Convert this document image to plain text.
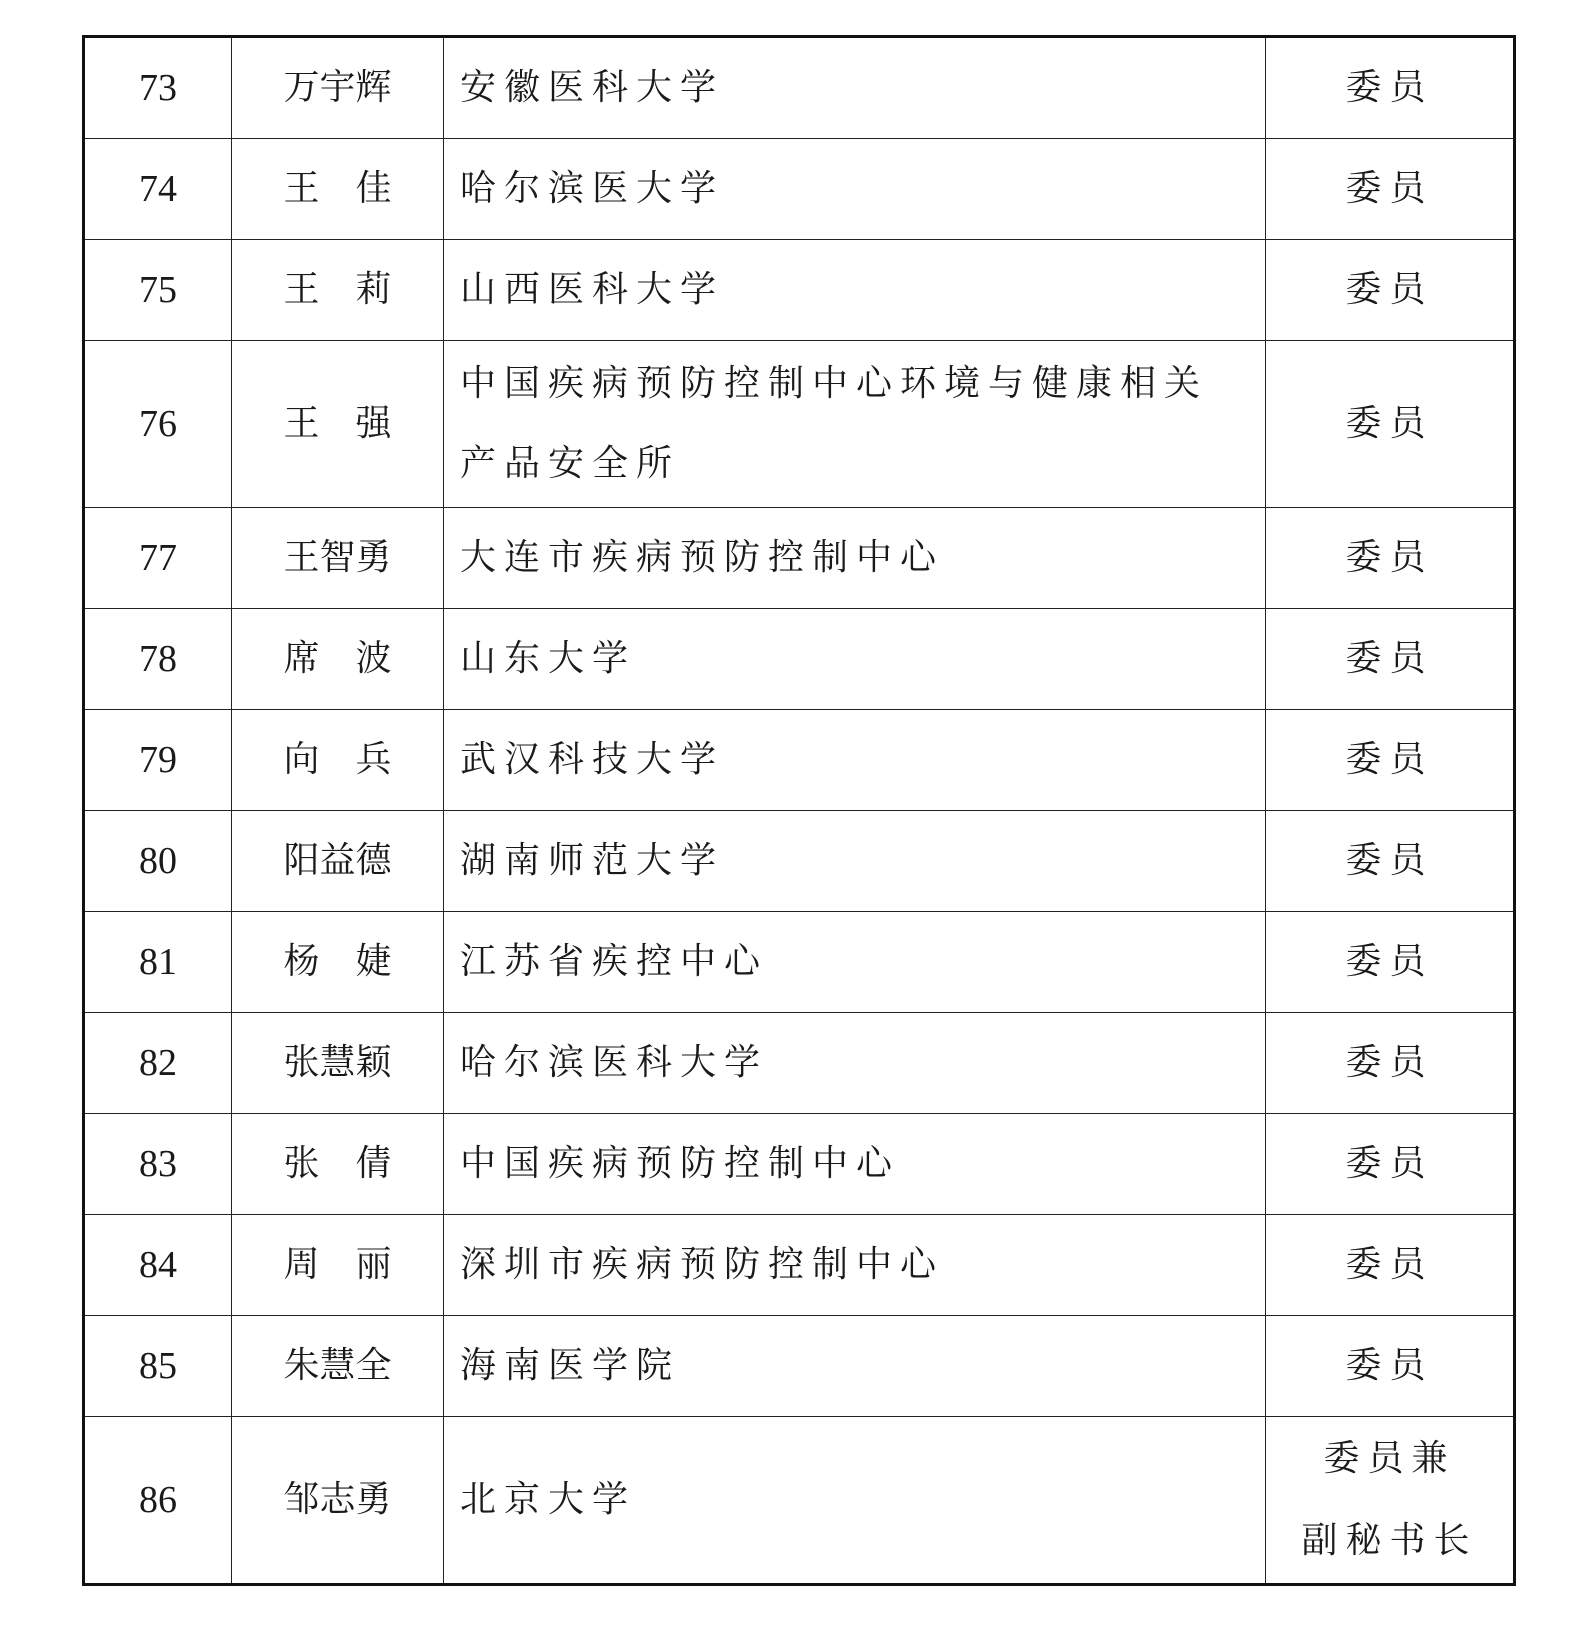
73	万宇辉	安徽医科大学	委员
74	王　佳	哈尔滨医大学	委员
75	王　莉	山西医科大学	委员
76	王　强	中国疾病预防控制中心环境与健康相关产品安全所	委员
77	王智勇	大连市疾病预防控制中心	委员
78	席　波	山东大学	委员
79	向　兵	武汉科技大学	委员
80	阳益德	湖南师范大学	委员
81	杨　婕	江苏省疾控中心	委员
82	张慧颖	哈尔滨医科大学	委员
83	张　倩	中国疾病预防控制中心	委员
84	周　丽	深圳市疾病预防控制中心	委员
85	朱慧全	海南医学院	委员
86	邹志勇	北京大学	委员兼
副秘书长
